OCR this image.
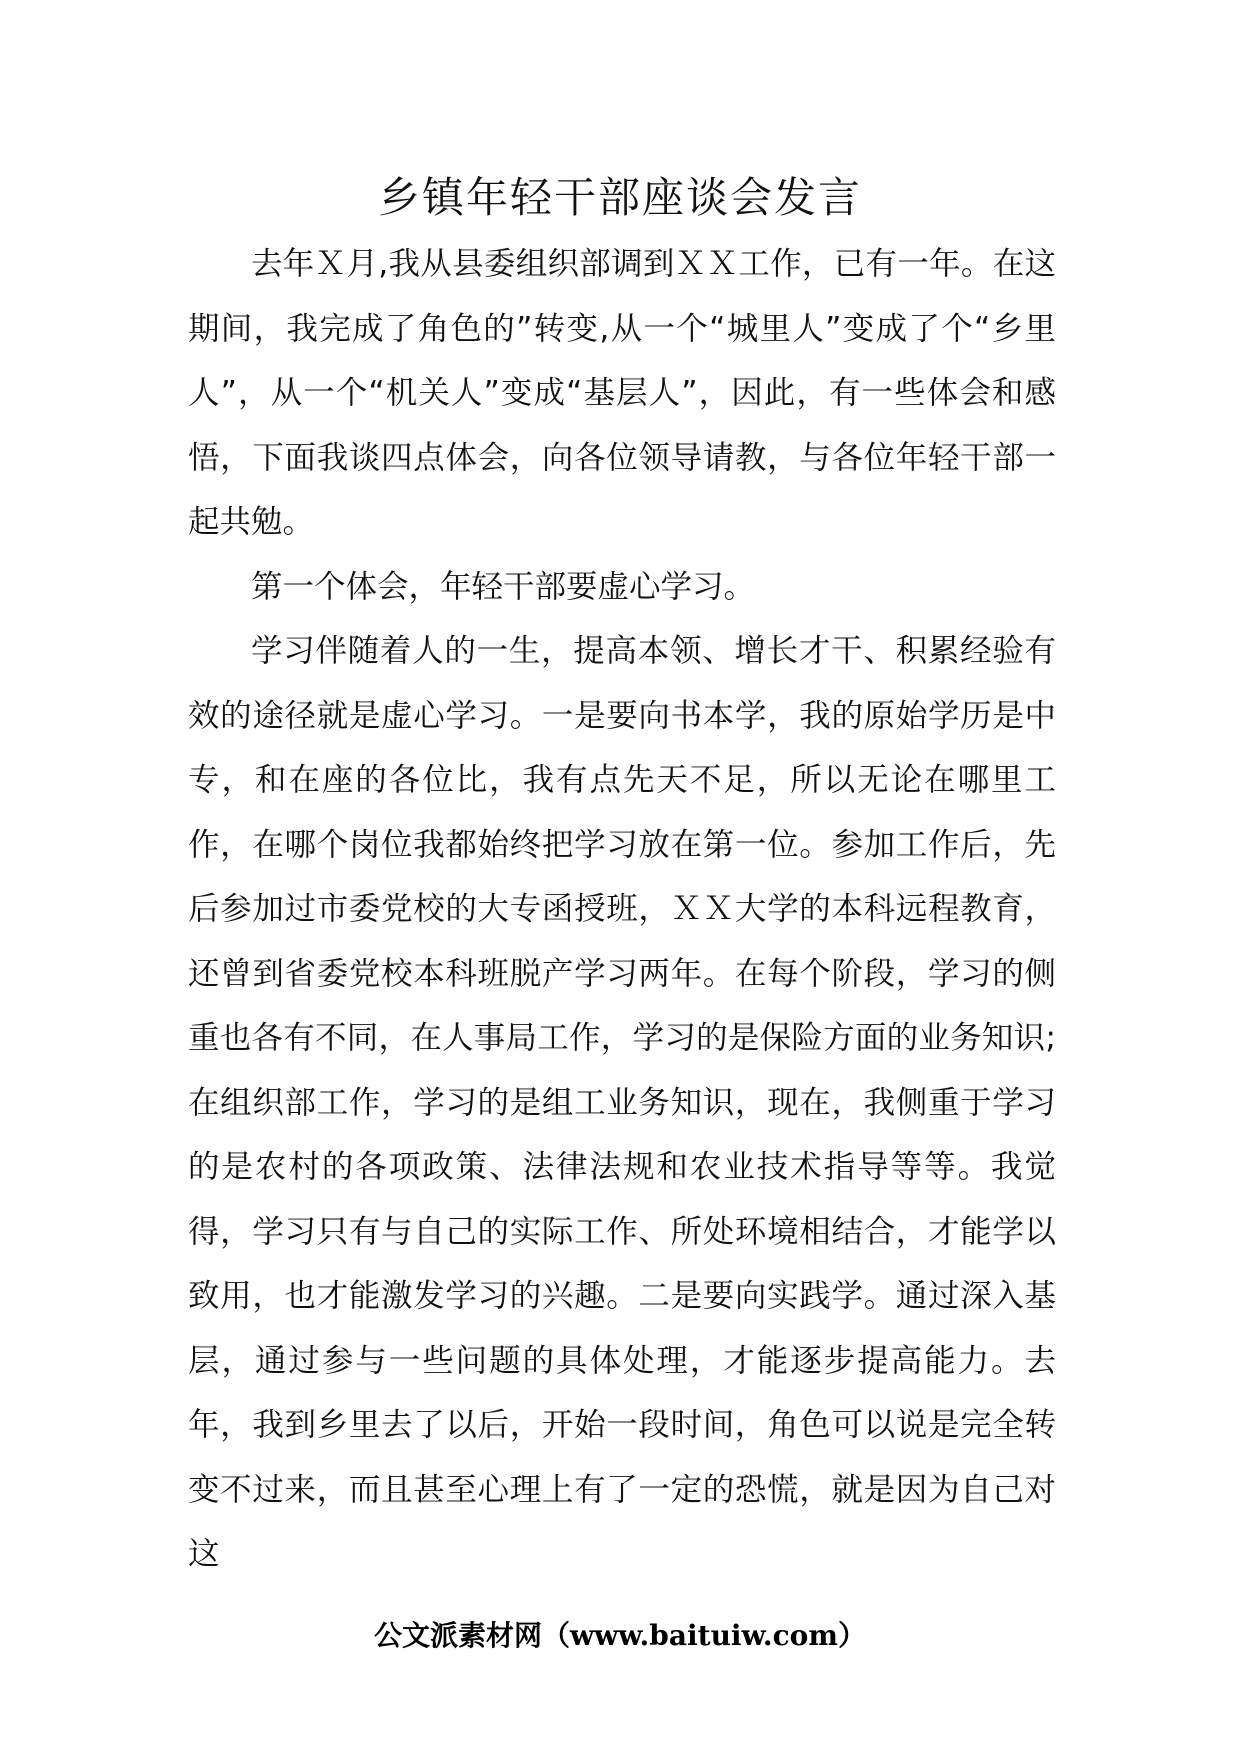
乡镇年轻干部座谈会发言

去年Ｘ月,我从县委组织部调到ＸＸ工作，已有一年。在这期间，我完成了角色的”转变,从一个“城里人”变成了个“乡里人”，从一个“机关人”变成“基层人”，因此，有一些体会和感悟，下面我谈四点体会，向各位领导请教，与各位年轻干部一起共勉。

第一个体会，年轻干部要虚心学习。

学习伴随着人的一生，提高本领、增长才干、积累经验有效的途径就是虚心学习。一是要向书本学，我的原始学历是中专，和在座的各位比，我有点先天不足，所以无论在哪里工作，在哪个岗位我都始终把学习放在第一位。参加工作后，先后参加过市委党校的大专函授班，ＸＸ大学的本科远程教育，还曾到省委党校本科班脱产学习两年。在每个阶段，学习的侧重也各有不同，在人事局工作，学习的是保险方面的业务知识;在组织部工作，学习的是组工业务知识，现在，我侧重于学习的是农村的各项政策、法律法规和农业技术指导等等。我觉得，学习只有与自己的实际工作、所处环境相结合，才能学以致用，也才能激发学习的兴趣。二是要向实践学。通过深入基层，通过参与一些问题的具体处理，才能逐步提高能力。去年，我到乡里去了以后，开始一段时间，角色可以说是完全转变不过来，而且甚至心理上有了一定的恐慌，就是因为自己对这

公文派素材网（www.baituiw.com）
